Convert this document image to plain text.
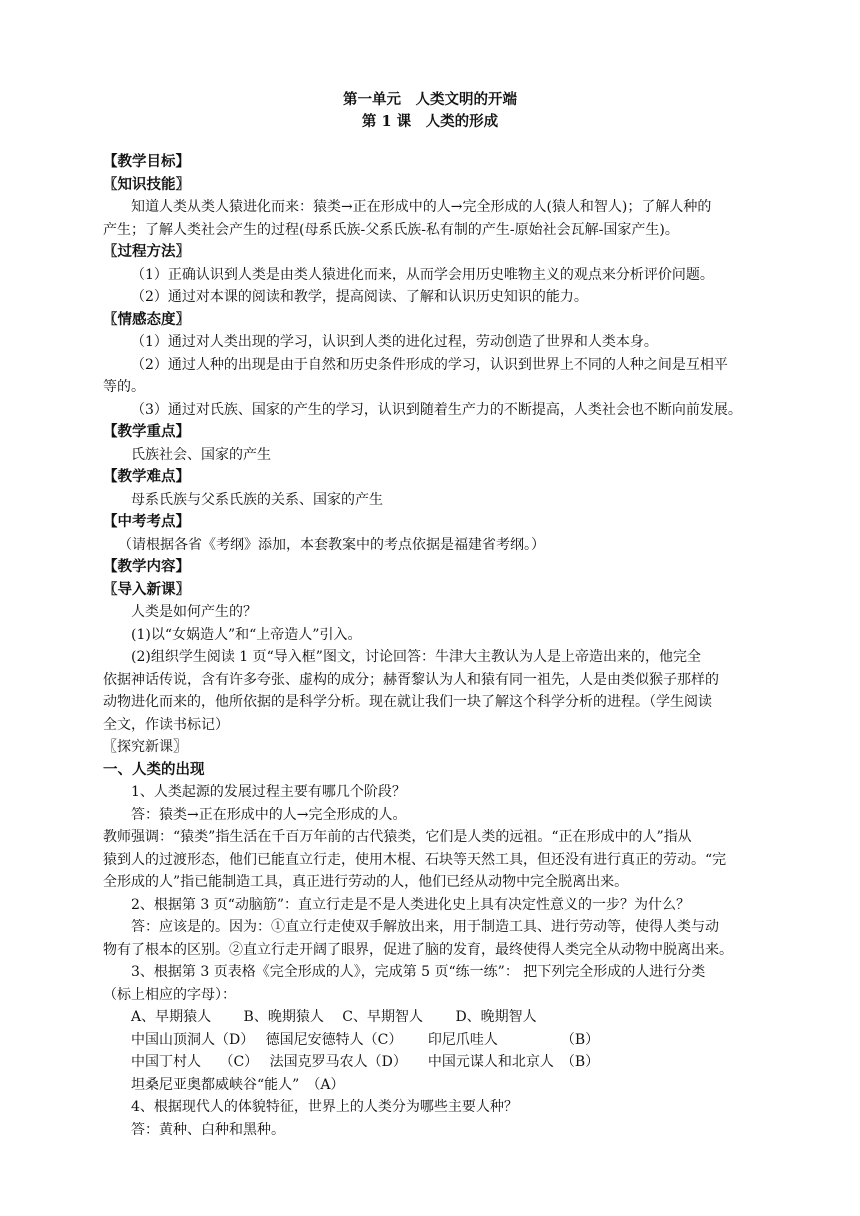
第一单元　人类文明的开端
第 1 课　人类的形成
【教学目标】
〖知识技能〗
知道人类从类人猿进化而来：猿类→正在形成中的人→完全形成的人(猿人和智人)；了解人种的
产生；了解人类社会产生的过程(母系氏族-父系氏族-私有制的产生-原始社会瓦解-国家产生)。
〖过程方法〗
（1）正确认识到人类是由类人猿进化而来，从而学会用历史唯物主义的观点来分析评价问题。
（2）通过对本课的阅读和教学，提高阅读、了解和认识历史知识的能力。
〖情感态度〗
（1）通过对人类出现的学习，认识到人类的进化过程，劳动创造了世界和人类本身。
（2）通过人种的出现是由于自然和历史条件形成的学习，认识到世界上不同的人种之间是互相平
等的。
（3）通过对氏族、国家的产生的学习，认识到随着生产力的不断提高，人类社会也不断向前发展。
【教学重点】
氏族社会、国家的产生
【教学难点】
母系氏族与父系氏族的关系、国家的产生
【中考考点】
（请根据各省《考纲》添加，本套教案中的考点依据是福建省考纲。）
【教学内容】
〖导入新课〗
人类是如何产生的？
(1)以“女娲造人”和“上帝造人”引入。
(2)组织学生阅读 1 页“导入框”图文，讨论回答：牛津大主教认为人是上帝造出来的，他完全
依据神话传说，含有许多夸张、虚构的成分；赫胥黎认为人和猿有同一祖先，人是由类似猴子那样的
动物进化而来的，他所依据的是科学分析。现在就让我们一块了解这个科学分析的进程。（学生阅读
全文，作读书标记）
〖探究新课〗
一、人类的出现
1、人类起源的发展过程主要有哪几个阶段？
答：猿类→正在形成中的人→完全形成的人。
教师强调：“猿类”指生活在千百万年前的古代猿类，它们是人类的远祖。“正在形成中的人”指从
猿到人的过渡形态，他们已能直立行走，使用木棍、石块等天然工具，但还没有进行真正的劳动。“完
全形成的人”指已能制造工具，真正进行劳动的人，他们已经从动物中完全脱离出来。
2、根据第 3 页“动脑筋”：直立行走是不是人类进化史上具有决定性意义的一步？为什么？
答：应该是的。因为：①直立行走使双手解放出来，用于制造工具、进行劳动等，使得人类与动
物有了根本的区别。②直立行走开阔了眼界，促进了脑的发育，最终使得人类完全从动物中脱离出来。
3、根据第 3 页表格《完全形成的人》，完成第 5 页“练一练”： 把下列完全形成的人进行分类
（标上相应的字母）：
A、早期猿人　　 B、晚期猿人　 C、早期智人　　 D、晚期智人
中国山顶洞人（D）　 德国尼安德特人（C）　　 印尼爪哇人　　　　　（B）
中国丁村人　 （C）　 法国克罗马农人（D）　　中国元谋人和北京人　（B）
坦桑尼亚奥都威峡谷“能人”　（A）
4、根据现代人的体貌特征，世界上的人类分为哪些主要人种？
答：黄种、白种和黑种。
